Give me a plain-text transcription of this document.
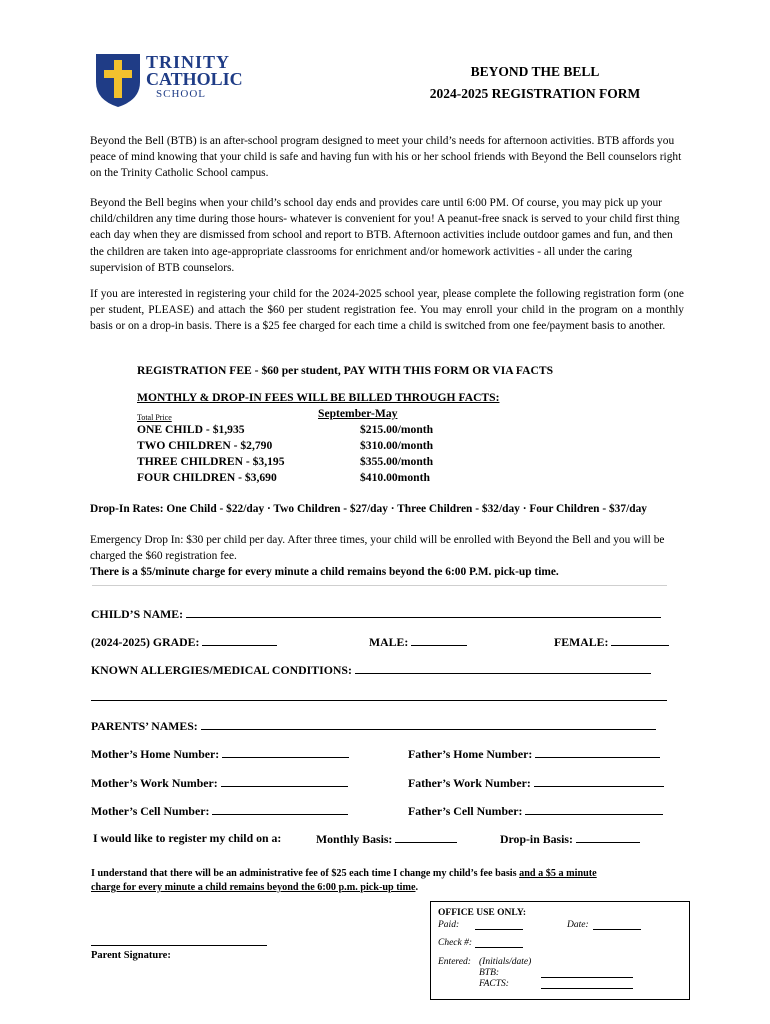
TRINITY
CATHOLIC
SCHOOL
BEYOND THE BELL
2024-2025 REGISTRATION FORM
Beyond the Bell (BTB) is an after-school program designed to meet your child’s needs for afternoon activities. BTB affords you peace of mind knowing that your child is safe and having fun with his or her school friends with Beyond the Bell counselors right on the Trinity Catholic School campus.
Beyond the Bell begins when your child’s school day ends and provides care until 6:00 PM. Of course, you may pick up your child/children any time during those hours- whatever is convenient for you! A peanut-free snack is served to your child first thing each day when they are dismissed from school and report to BTB. Afternoon activities include outdoor games and fun, and then the children are taken into age-appropriate classrooms for enrichment and/or homework activities - all under the caring supervision of BTB counselors.
If you are interested in registering your child for the 2024-2025 school year, please complete the following registration form (one per student, PLEASE) and attach the $60 per student registration fee. You may enroll your child in the program on a monthly basis or on a drop-in basis. There is a $25 fee charged for each time a child is switched from one fee/payment basis to another.
REGISTRATION FEE - $60 per student, PAY WITH THIS FORM OR VIA FACTS
MONTHLY & DROP-IN FEES WILL BE BILLED THROUGH FACTS:
Total Price	September-May
ONE CHILD - $1,935	$215.00/month
TWO CHILDREN - $2,790	$310.00/month
THREE CHILDREN - $3,195	$355.00/month
FOUR CHILDREN - $3,690	$410.00month
Drop-In Rates: One Child - $22/day · Two Children - $27/day · Three Children - $32/day · Four Children - $37/day
Emergency Drop In: $30 per child per day. After three times, your child will be enrolled with Beyond the Bell and you will be charged the $60 registration fee.
There is a $5/minute charge for every minute a child remains beyond the 6:00 P.M. pick-up time.
CHILD’S NAME:
(2024-2025) GRADE:	MALE:	FEMALE:
KNOWN ALLERGIES/MEDICAL CONDITIONS:
PARENTS’ NAMES:
Mother’s Home Number:	Father’s Home Number:
Mother’s Work Number:	Father’s Work Number:
Mother’s Cell Number:	Father’s Cell Number:
I would like to register my child on a:	Monthly Basis:	Drop-in Basis:
I understand that there will be an administrative fee of $25 each time I change my child’s fee basis and a $5 a minute charge for every minute a child remains beyond the 6:00 p.m. pick-up time.
Parent Signature:
OFFICE USE ONLY:
Paid:	Date:
Check #:
Entered: (Initials/date)
BTB:
FACTS:
